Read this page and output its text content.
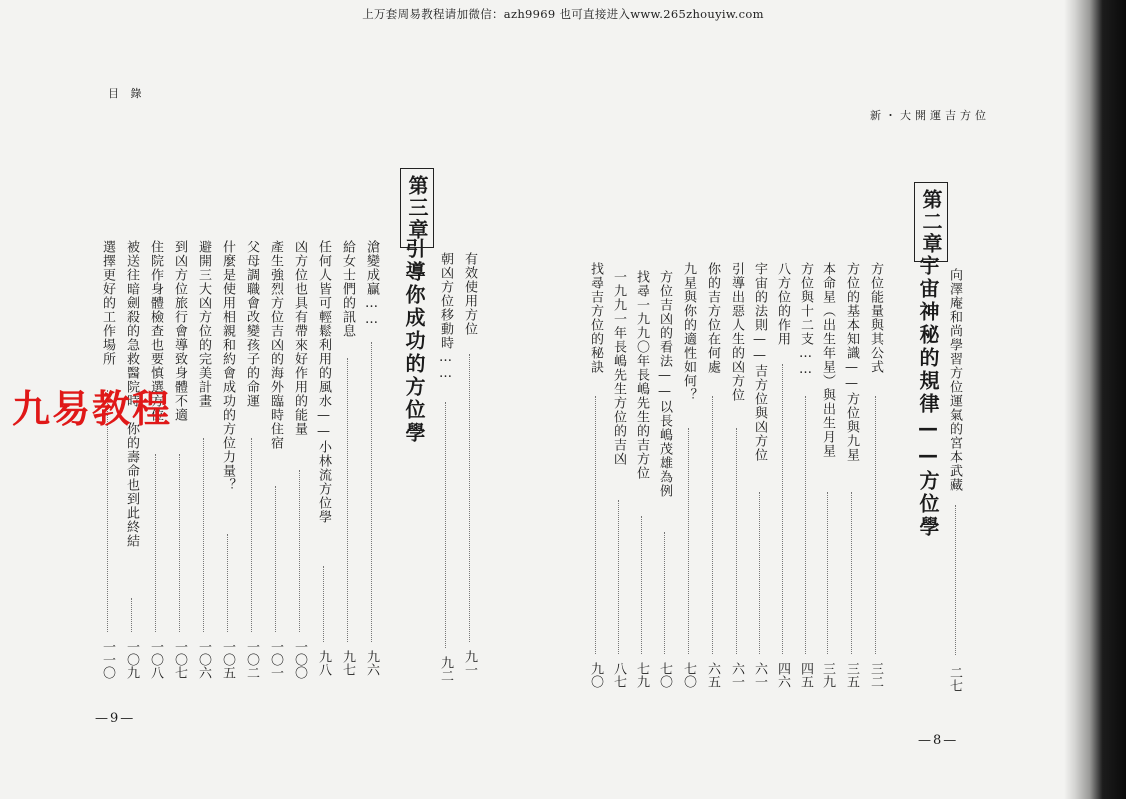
上万套周易教程请加微信：azh9969 也可直接进入www.265zhouyiw.com
目 錄
第三章
引導你成功的方位學	有效使用方位
九一
朝凶方位移動時……
九二
滄變成贏……
九六
給女士們的訊息
九七
任何人皆可輕鬆利用的風水——小林流方位學
九八
凶方位也具有帶來好作用的能量
一〇〇
產生強烈方位吉凶的海外臨時住宿
一〇一
父母調職會改變孩子的命運
一〇二
什麼是使用相親和約會成功的方位力量？
一〇五
避開三大凶方位的完美計畫
一〇六
到凶方位旅行會導致身體不適
一〇七
住院作身體檢查也要慎選方位
一〇八
被送往暗劍殺的急救醫院時，你的壽命也到此終結
一〇九
選擇更好的工作場所
一一〇
九易教程
—9—
新・大開運吉方位
向澤庵和尚學習方位運氣的宮本武藏
二七
第二章
宇宙神秘的規律——方位學
方位能量與其公式
三二
方位的基本知識——方位與九星
三五
本命星（出生年星）與出生月星
三九
方位與十二支……
四五
八方位的作用
四六
宇宙的法則——吉方位與凶方位
六一
引導出惡人生的凶方位
六一
你的吉方位在何處
六五
九星與你的適性如何？
七〇
方位吉凶的看法——以長嶋茂雄為例
七〇
找尋一九九〇年長嶋先生的吉方位
七九
一九九一年長嶋先生方位的吉凶
八七
找尋吉方位的秘訣
九〇
—8—
